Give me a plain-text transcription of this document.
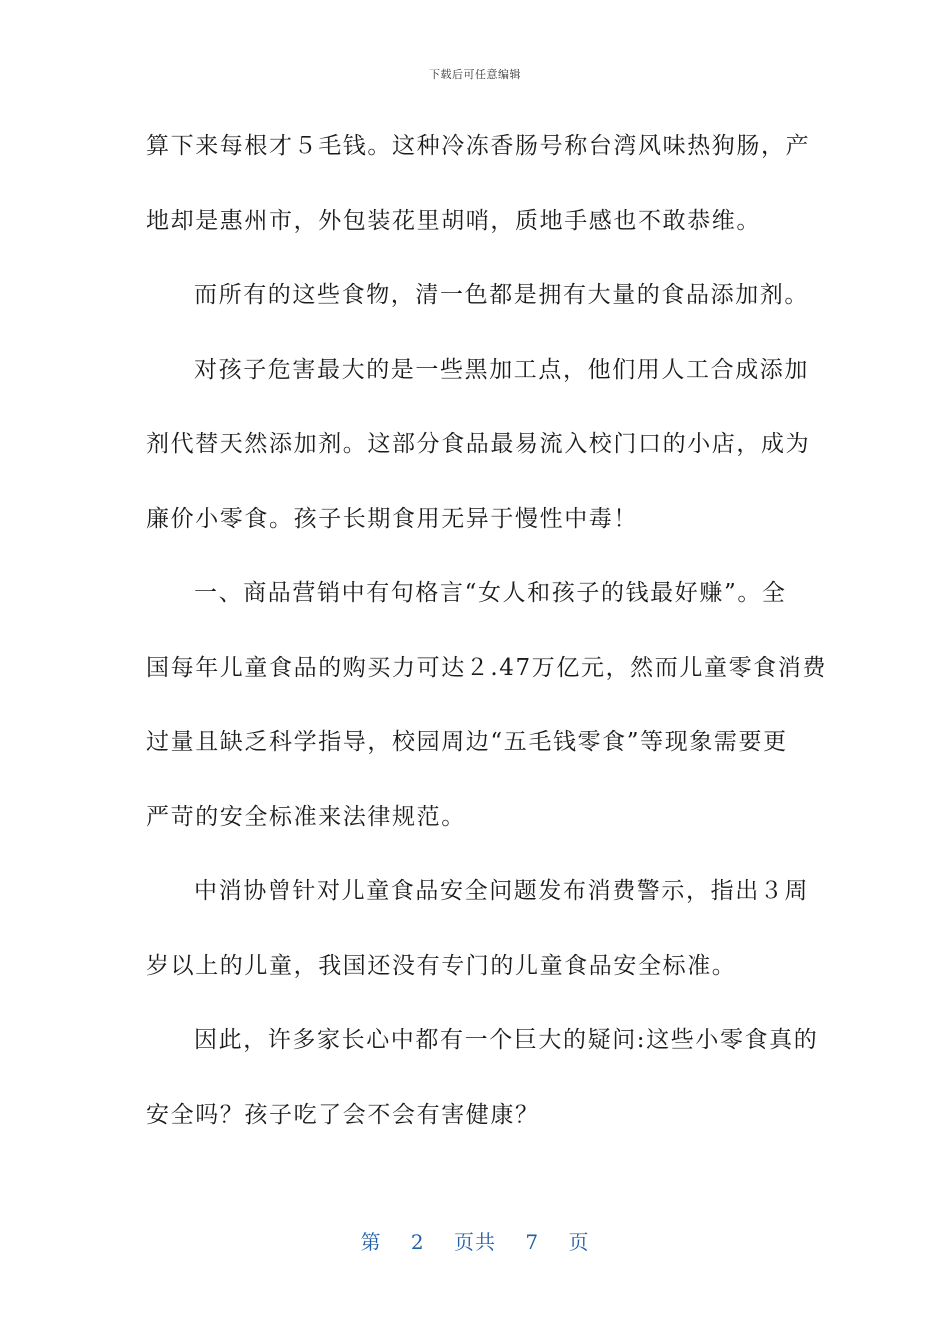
下载后可任意编辑
算下来每根才５毛钱。这种冷冻香肠号称台湾风味热狗肠，产
地却是惠州市，外包装花里胡哨，质地手感也不敢恭维。
而所有的这些食物，清一色都是拥有大量的食品添加剂。
对孩子危害最大的是一些黑加工点，他们用人工合成添加
剂代替天然添加剂。这部分食品最易流入校门口的小店，成为
廉价小零食。孩子长期食用无异于慢性中毒！
一、商品营销中有句格言“女人和孩子的钱最好赚”。全
国每年儿童食品的购买力可达２.47万亿元，然而儿童零食消费
过量且缺乏科学指导，校园周边“五毛钱零食”等现象需要更
严苛的安全标准来法律规范。
中消协曾针对儿童食品安全问题发布消费警示，指出３周
岁以上的儿童，我国还没有专门的儿童食品安全标准。
因此，许多家长心中都有一个巨大的疑问:这些小零食真的
安全吗？孩子吃了会不会有害健康？
第 2 页共 7 页
